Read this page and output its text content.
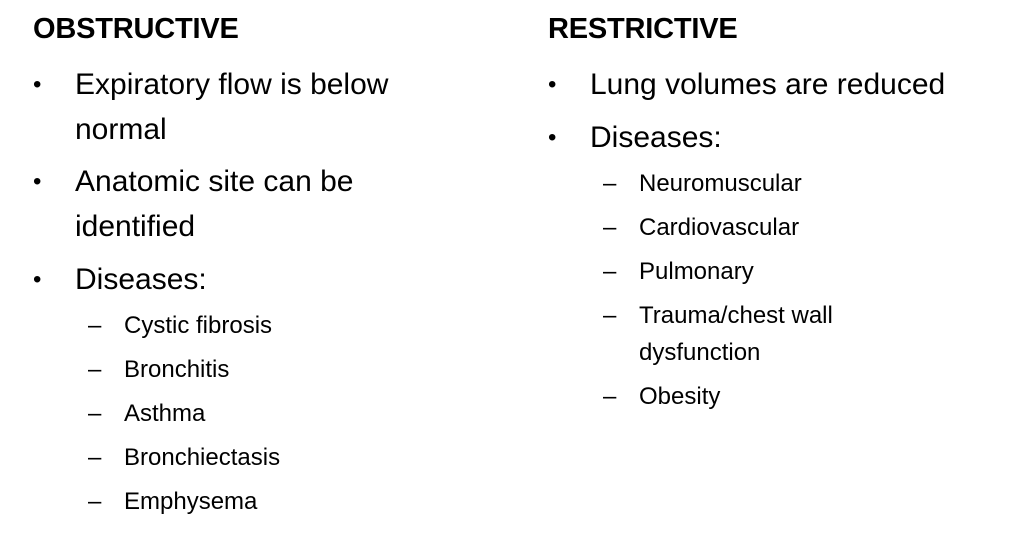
OBSTRUCTIVE
• Expiratory flow is below
normal
• Anatomic site can be
identified
• Diseases:
– Cystic fibrosis
– Bronchitis
– Asthma
– Bronchiectasis
– Emphysema
RESTRICTIVE
• Lung volumes are reduced
• Diseases:
– Neuromuscular
– Cardiovascular
– Pulmonary
– Trauma/chest wall
dysfunction
– Obesity
